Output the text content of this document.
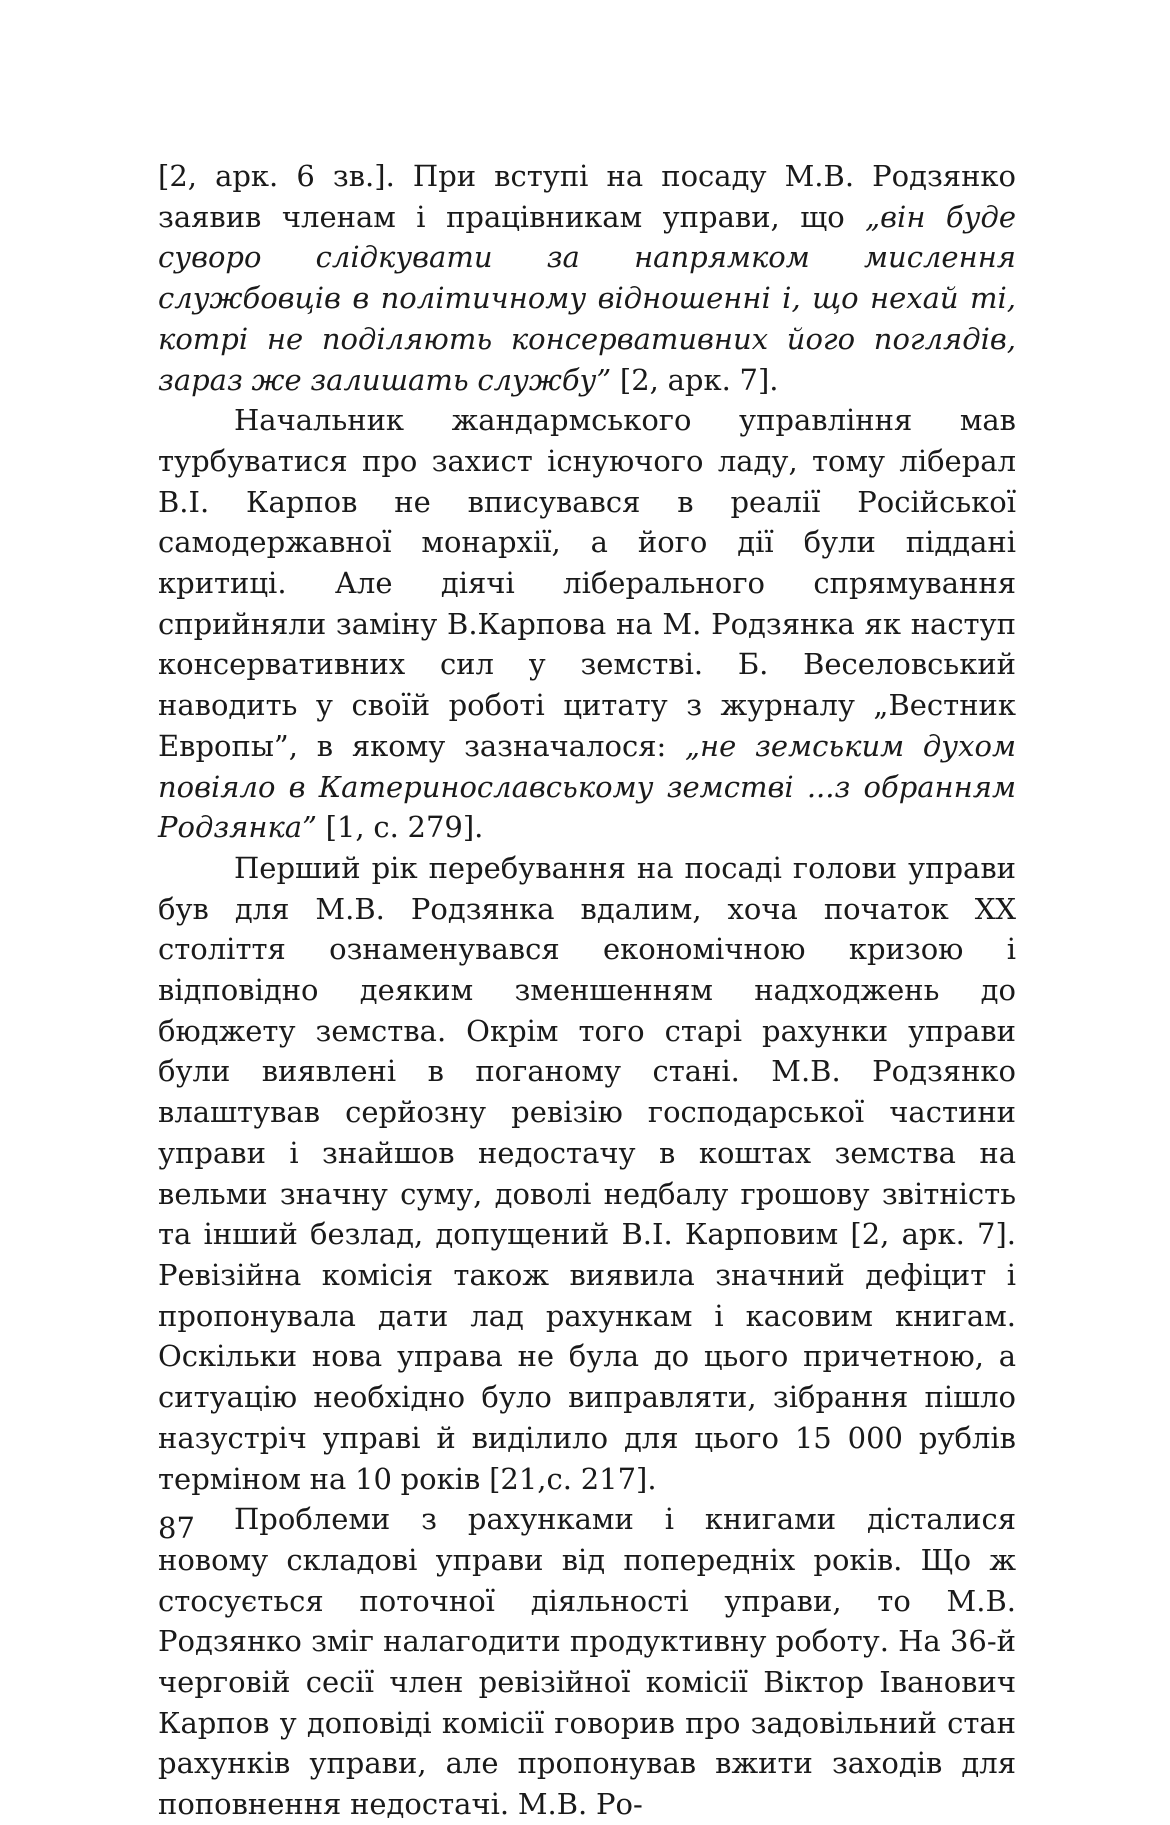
[2, арк. 6 зв.]. При вступі на посаду М.В. Родзянко заявив членам і працівникам управи, що „він буде суворо слідкувати за напрямком мислення службовців в політичному відношенні і, що нехай ті, котрі не поділяють консервативних його поглядів, зараз же залишать службу” [2, арк. 7].

Начальник жандармського управління мав турбуватися про захист існуючого ладу, тому ліберал В.І. Карпов не вписувався в реалії Російської самодержавної монархії, а його дії були піддані критиці. Але діячі ліберального спрямування сприйняли заміну В.Карпова на М. Родзянка як наступ консервативних сил у земстві. Б. Веселовський наводить у своїй роботі цитату з журналу „Вестник Европы”, в якому зазначалося: „не земським духом повіяло в Катеринославському земстві ...з обранням Родзянка” [1, с. 279].

Перший рік перебування на посаді голови управи був для М.В. Родзянка вдалим, хоча початок ХХ століття ознаменувався економічною кризою і відповідно деяким зменшенням надходжень до бюджету земства. Окрім того старі рахунки управи були виявлені в поганому стані. М.В. Родзянко влаштував серйозну ревізію господарської частини управи і знайшов недостачу в коштах земства на вельми значну суму, доволі недбалу грошову звітність та інший безлад, допущений В.І. Карповим [2, арк. 7]. Ревізійна комісія також виявила значний дефіцит і пропонувала дати лад рахункам і касовим книгам. Оскільки нова управа не була до цього причетною, а ситуацію необхідно було виправляти, зібрання пішло назустріч управі й виділило для цього 15 000 рублів терміном на 10 років [21,с. 217].

Проблеми з рахунками і книгами дісталися новому складові управи від попередніх років. Що ж стосується поточної діяльності управи, то М.В. Родзянко зміг налагодити продуктивну роботу. На 36-й черговій сесії член ревізійної комісії Віктор Іванович Карпов у доповіді комісії говорив про задовільний стан рахунків управи, але пропонував вжити заходів для поповнення недостачі. М.В. Ро-

87
